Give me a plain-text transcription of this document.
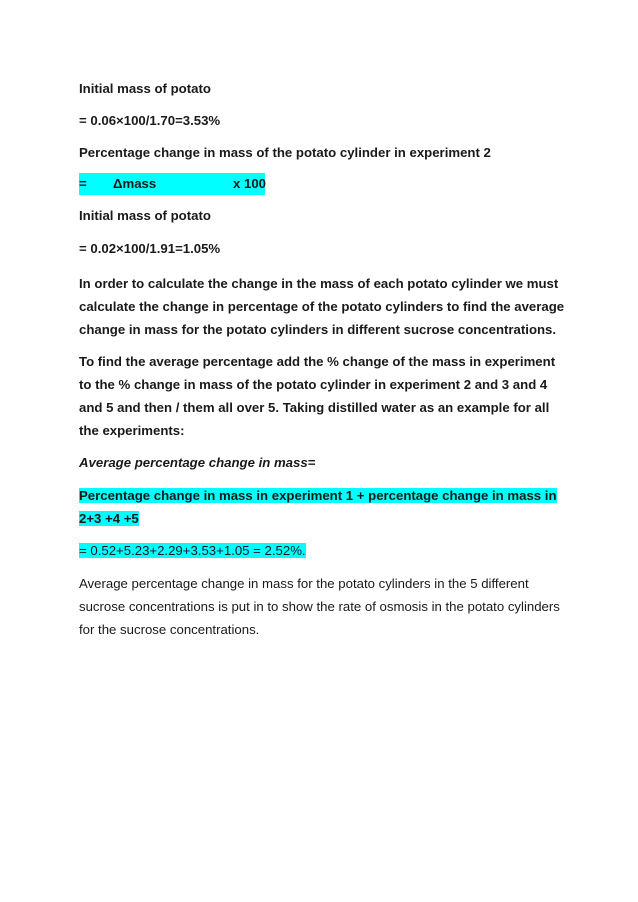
Initial mass of potato

= 0.06×100/1.70=3.53%

Percentage change in mass of the potato cylinder in experiment 2

= Δmass	x 100

Initial mass of potato

= 0.02×100/1.91=1.05%

In order to calculate the change in the mass of each potato cylinder we must calculate the change in percentage of the potato cylinders to find the average change in mass for the potato cylinders in different sucrose concentrations.

To find the average percentage add the % change of the mass in experiment to the % change in mass of the potato cylinder in experiment 2 and 3 and 4 and 5 and then / them all over 5. Taking distilled water as an example for all the experiments:

Average percentage change in mass=

Percentage change in mass in experiment 1 + percentage change in mass in
2+3 +4 +5
= 0.52+5.23+2.29+3.53+1.05 = 2.52%.

Average percentage change in mass for the potato cylinders in the 5 different sucrose concentrations is put in to show the rate of osmosis in the potato cylinders for the sucrose concentrations.
